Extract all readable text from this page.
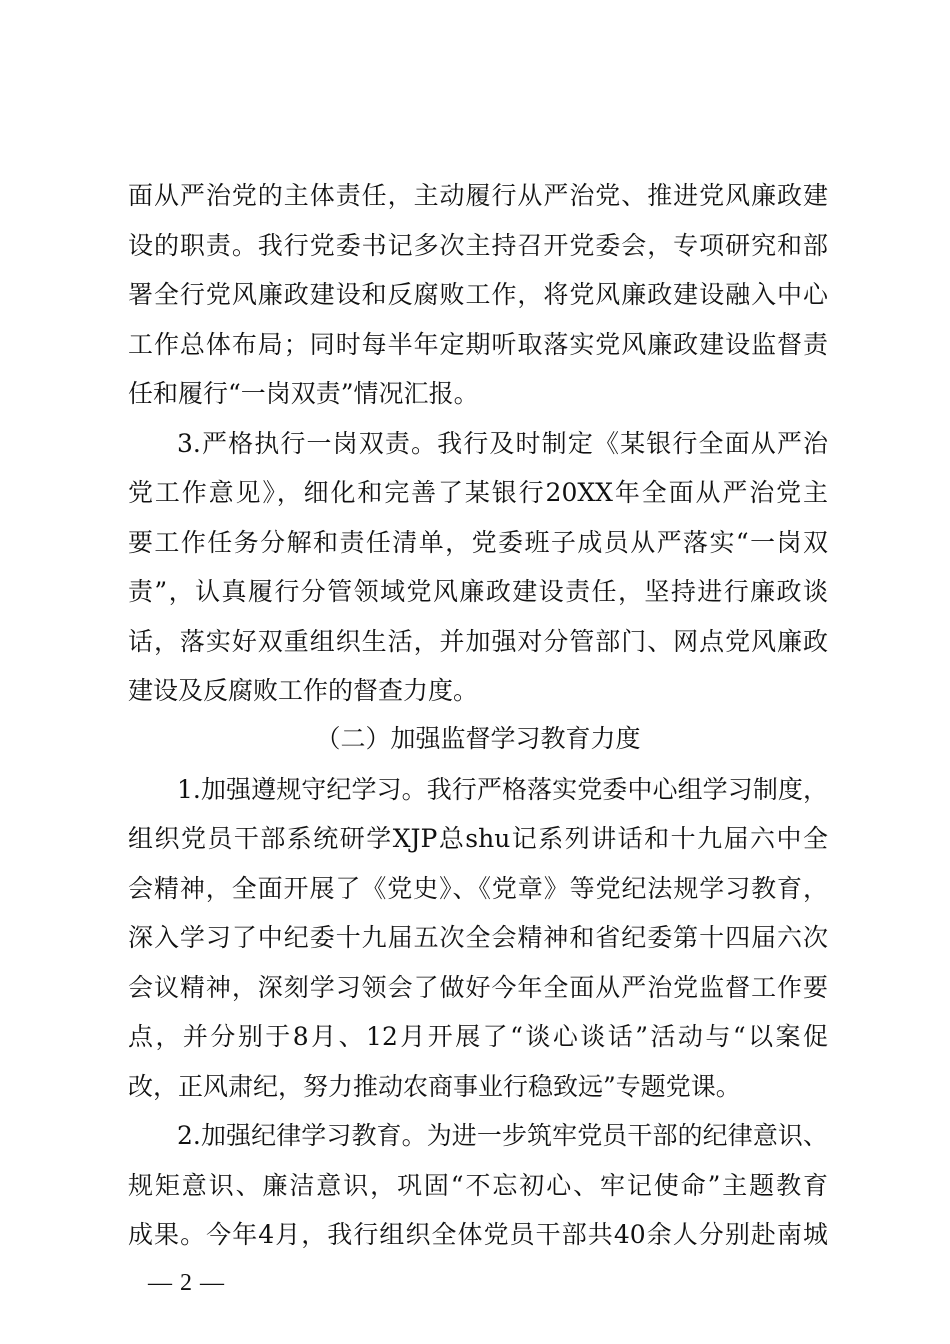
面从严治党的主体责任，主动履行从严治党、推进党风廉政建
设的职责。我行党委书记多次主持召开党委会，专项研究和部
署全行党风廉政建设和反腐败工作，将党风廉政建设融入中心
工作总体布局；同时每半年定期听取落实党风廉政建设监督责
任和履行“一岗双责”情况汇报。
3.严格执行一岗双责。我行及时制定《某银行全面从严治
党工作意见》，细化和完善了某银行20XX年全面从严治党主
要工作任务分解和责任清单，党委班子成员从严落实“一岗双
责”，认真履行分管领域党风廉政建设责任，坚持进行廉政谈
话，落实好双重组织生活，并加强对分管部门、网点党风廉政
建设及反腐败工作的督查力度。
（二）加强监督学习教育力度
1.加强遵规守纪学习。我行严格落实党委中心组学习制度，
组织党员干部系统研学XJP总shu记系列讲话和十九届六中全
会精神，全面开展了《党史》、《党章》等党纪法规学习教育，
深入学习了中纪委十九届五次全会精神和省纪委第十四届六次
会议精神，深刻学习领会了做好今年全面从严治党监督工作要
点，并分别于8月、12月开展了“谈心谈话”活动与“以案促
改，正风肃纪，努力推动农商事业行稳致远”专题党课。
2.加强纪律学习教育。为进一步筑牢党员干部的纪律意识、
规矩意识、廉洁意识，巩固“不忘初心、牢记使命”主题教育
成果。今年4月，我行组织全体党员干部共40余人分别赴南城
— 2 —
